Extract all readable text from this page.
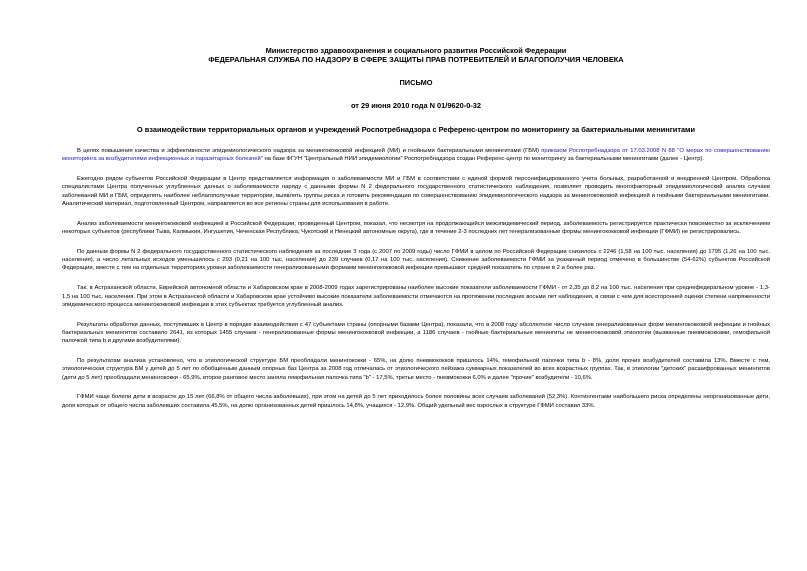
Министерство здравоохранения и социального развития Российской Федерации
ФЕДЕРАЛЬНАЯ СЛУЖБА ПО НАДЗОРУ В СФЕРЕ ЗАЩИТЫ ПРАВ ПОТРЕБИТЕЛЕЙ И БЛАГОПОЛУЧИЯ ЧЕЛОВЕКА
ПИСЬМО
от 29 июня 2010 года N 01/9620-0-32
О взаимодействии территориальных органов и учреждений Роспотребнадзора с Референс-центром по мониторингу за бактериальными менингитами

В целях повышения качества и эффективности эпидемиологического надзора за менингококковой инфекцией (МИ) и гнойными бактериальными менингитами (ГБМ) приказом Роспотребнадзора от 17.03.2008 N 88 "О мерах по совершенствованию мониторинга за возбудителями инфекционных и паразитарных болезней" на базе ФГУН "Центральный НИИ эпидемиологии" Роспотребнадзора создан Референс-центр по мониторингу за бактериальными менингитами (далее - Центр).

Ежегодно рядом субъектов Российской Федерации в Центр представляется информация о заболеваемости МИ и ГБМ в соответствии с единой формой персонифицированного учета больных, разработанной и внедренной Центром. Обработка специалистами Центра полученных углубленных данных о заболеваемости наряду с данными формы N 2 федерального государственного статистического наблюдения, позволяет проводить многофакторный эпидемиологический анализ случаев заболеваний МИ и ГБМ, определять наиболее неблагополучные территории, выявлять группы риска и готовить рекомендации по совершенствованию эпидемиологического надзора за менингококковой инфекцией и гнойными бактериальными менингитами. Аналитический материал, подготовленный Центром, направляется во все регионы страны для использования в работе.

Анализ заболеваемости менингококковой инфекцией в Российской Федерации, проведенный Центром, показал, что несмотря на продолжающийся межэпидемический период, заболеваемость регистрируется практически повсеместно за исключением некоторых субъектов (республики Тыва, Калмыкия, Ингушетия, Чеченская Республика, Чукотский и Ненецкий автономные округа), где в течение 2-3 последних лет генерализованные формы менингококковой инфекции (ГФМИ) не регистрировались.

По данным формы N 2 федерального государственного статистического наблюдения за последние 3 года (с 2007 по 2009 годы) число ГФМИ в целом по Российской Федерации снизилось с 2246 (1,58 на 100 тыс. населения) до 1795 (1,26 на 100 тыс. населения), а число летальных исходов уменьшилось с 293 (0,21 на 100 тыс. населения) до 239 случаев (0,17 на 100 тыс. населения). Снижение заболеваемости ГФМИ за указанный период отмечено в большинстве (54-62%) субъектов Российской Федерации, вместе с тем на отдельных территориях уровни заболеваемости генерализованными формами менингококковой инфекции превышают средний показатель по стране в 2 и более раз.

Так, в Астраханской области, Еврейской автономной области и Хабаровском крае в 2008-2009 годах зарегистрированы наиболее высокие показатели заболеваемости ГФМИ - от 2,35 до 8,2 на 100 тыс. населения при среднефедеральном уровне - 1,3-1,5 на 100 тыс. населения. При этом в Астраханской области и Хабаровском крае устойчиво высокие показатели заболеваемости отмечаются на протяжении последних восьми лет наблюдения, в связи с чем для всесторонней оценки степени напряженности эпидемического процесса менингококковой инфекции в этих субъектах требуется углубленный анализ.

Результаты обработки данных, поступивших в Центр в порядке взаимодействия с 47 субъектами страны (опорными базами Центра), показали, что в 2008 году абсолютное число случаев генерализованных форм менингококковой инфекции и гнойных бактериальных менингитов составило 2641, из которых 1455 случаев - генерализованные формы менингококковой инфекции, а 1186 случаев - гнойные бактериальные менингиты не менингококковой этиологии (вызванные пневмококками, гемофильной палочкой типа b и другими возбудителями).

По результатам анализа установлено, что в этиологической структуре БМ преобладали менингококки - 65%, на долю пневмококков пришлось 14%, гемофильной палочки типа b - 8%, доля прочих возбудителей составила 13%. Вместе с тем, этиологическая структура БМ у детей до 5 лет по обобщенным данным опорных баз Центра за 2008 год отличалась от этиологического пейзажа суммарных показателей во всех возрастных группах. Так, в этиологии "детских" расшифрованных менингитов (дети до 5 лет) преобладали менингококки - 65,9%, второе ранговое место заняла гемофильная палочка типа "b" - 17,5%, третье место - пневмококки 6,0% и далее "прочие" возбудители - 10,6%.

ГФМИ чаще болели дети в возрасте до 15 лет (66,8% от общего числа заболевших), при этом на детей до 5 лет приходилось более половины всех случаев заболеваний (52,3%). Контингентами наибольшего риска определены неорганизованные дети, доля которых от общего числа заболевших составила 45,5%, на долю организованных детей пришлось 14,8%, учащихся - 12,9%. Общий удельный вес взрослых в структуре ГФМИ составил 33%.
